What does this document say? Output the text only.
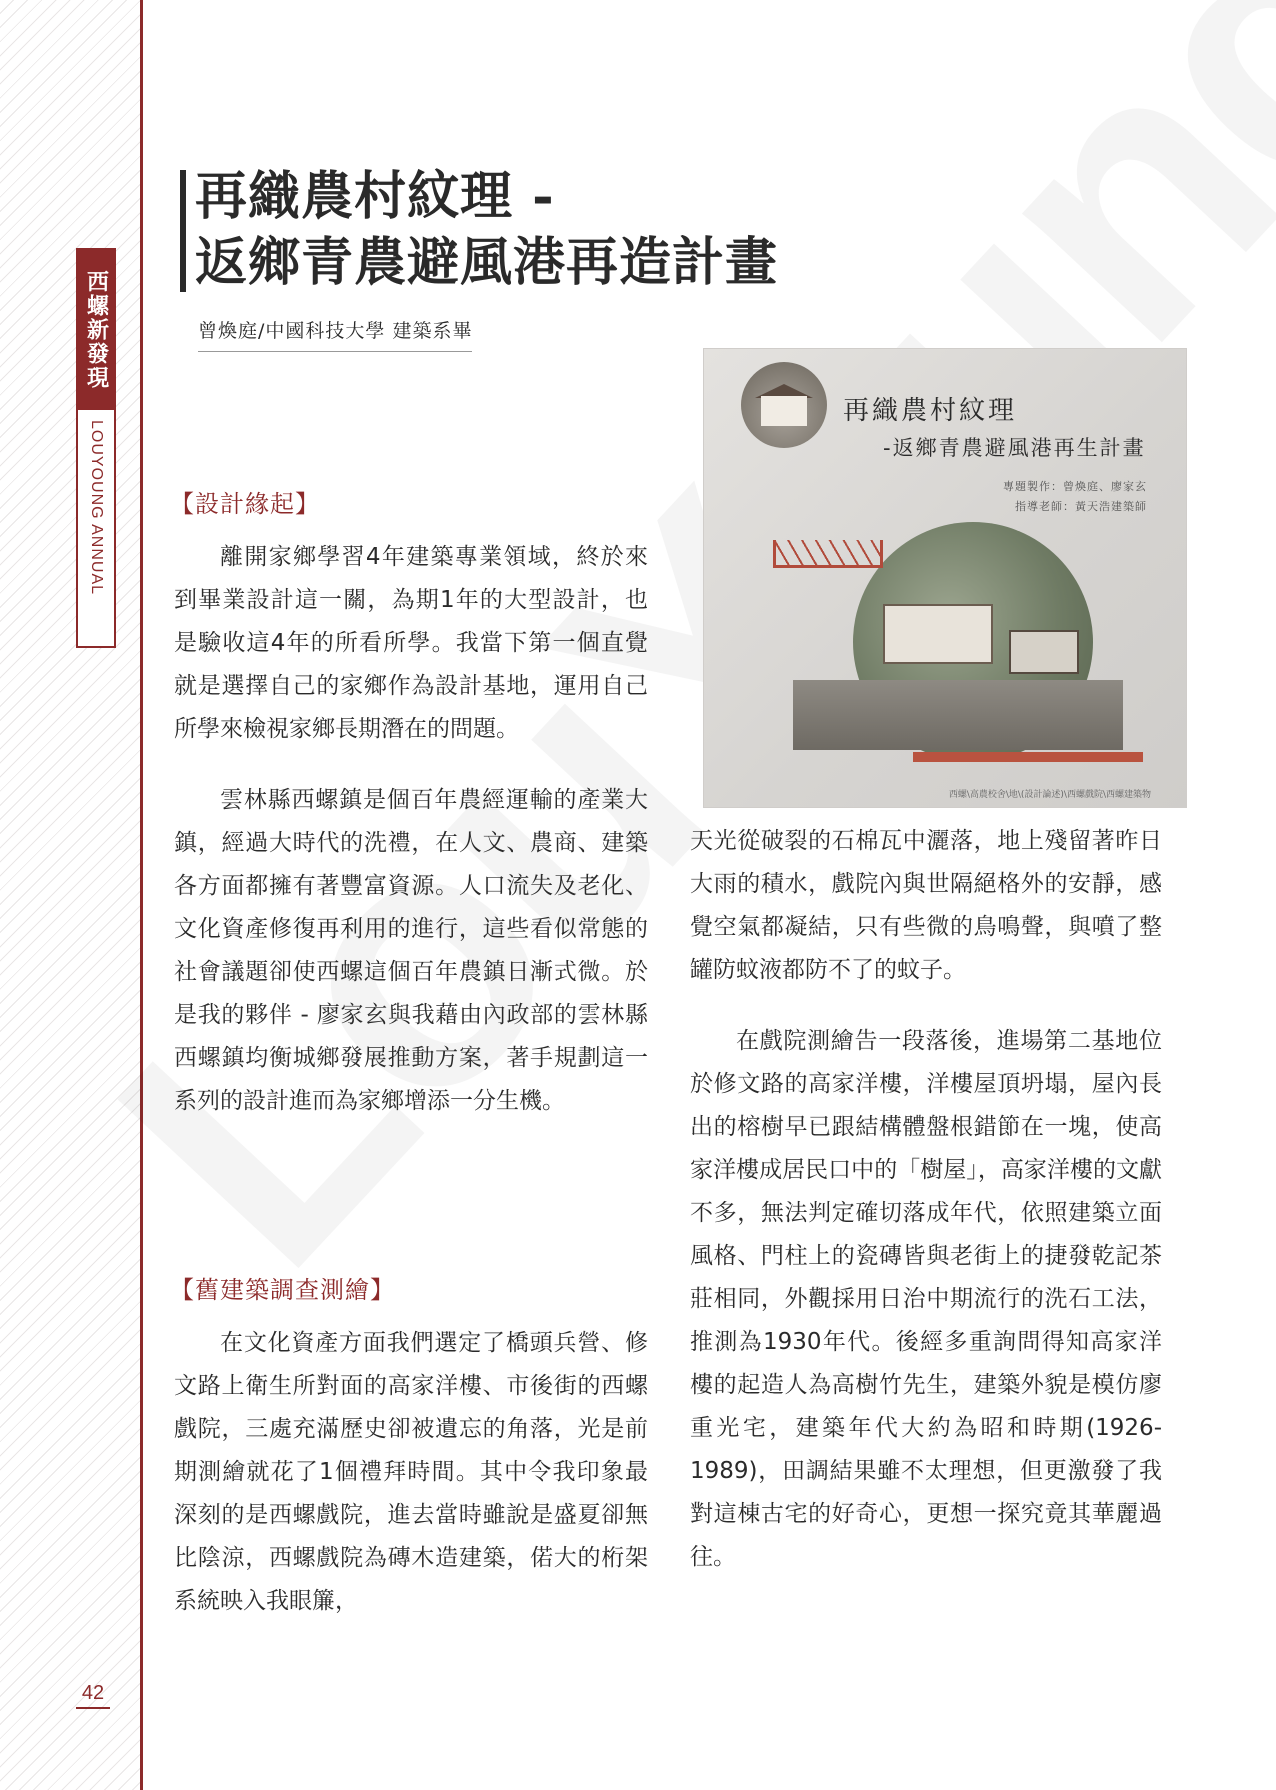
西螺新發現
LOUYOUNG ANNUAL
42
再織農村紋理 -
返鄉青農避風港再造計畫
曾煥庭/中國科技大學 建築系畢
再織農村紋理
-返鄉青農避風港再生計畫
專題製作：曾煥庭、廖家玄
指導老師：黃天浩建築師
西螺\高農校舍\地\(設計論述)\西螺戲院\西螺建築物
【設計緣起】

離開家鄉學習4年建築專業領域，終於來到畢業設計這一關，為期1年的大型設計，也是驗收這4年的所看所學。我當下第一個直覺就是選擇自己的家鄉作為設計基地，運用自己所學來檢視家鄉長期潛在的問題。

雲林縣西螺鎮是個百年農經運輸的產業大鎮，經過大時代的洗禮，在人文、農商、建築各方面都擁有著豐富資源。人口流失及老化、文化資產修復再利用的進行，這些看似常態的社會議題卻使西螺這個百年農鎮日漸式微。於是我的夥伴 - 廖家玄與我藉由內政部的雲林縣西螺鎮均衡城鄉發展推動方案，著手規劃這一系列的設計進而為家鄉增添一分生機。

【舊建築調查測繪】

在文化資產方面我們選定了橋頭兵營、修文路上衛生所對面的高家洋樓、市後街的西螺戲院，三處充滿歷史卻被遺忘的角落，光是前期測繪就花了1個禮拜時間。其中令我印象最深刻的是西螺戲院，進去當時雖說是盛夏卻無比陰涼，西螺戲院為磚木造建築，偌大的桁架系統映入我眼簾，

天光從破裂的石棉瓦中灑落，地上殘留著昨日大雨的積水，戲院內與世隔絕格外的安靜，感覺空氣都凝結，只有些微的鳥鳴聲，與噴了整罐防蚊液都防不了的蚊子。

在戲院測繪告一段落後，進場第二基地位於修文路的高家洋樓，洋樓屋頂坍塌，屋內長出的榕樹早已跟結構體盤根錯節在一塊，使高家洋樓成居民口中的「樹屋」，高家洋樓的文獻不多，無法判定確切落成年代，依照建築立面風格、門柱上的瓷磚皆與老街上的捷發乾記茶莊相同，外觀採用日治中期流行的洗石工法，推測為1930年代。後經多重詢問得知高家洋樓的起造人為高樹竹先生，建築外貌是模仿廖重光宅，建築年代大約為昭和時期(1926-1989)，田調結果雖不太理想，但更激發了我對這棟古宅的好奇心，更想一探究竟其華麗過往。
